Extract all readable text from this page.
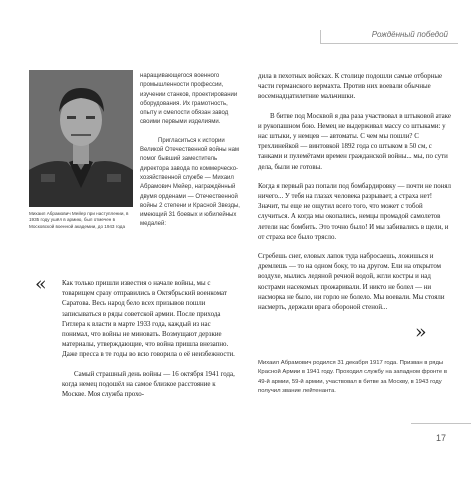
Рождённый победой

Михаил Абрамович Мейер при наступлении, в 1935 году ушёл в армию, был отмечен в Московской военной академии, до 1943 года

наращивающегося военного промышленности профессии, изучении станков, проектировании оборудования. Их грамотность, опыту и смелости обязан завод своими первыми изделиями.

Пригласиться к истории Великой Отечественной войны нам помог бывший заместитель директора завода по коммерческо-хозяйственной службе — Михаил Абрамович Мейер, награждённый двумя орденами — Отечественной войны 2 степени и Красной Звезды, имеющий 31 боевых и юбилейных медалей:

« Как только пришли известия о начале войны, мы с товарищем сразу отправились в Октябрьский военкомат Саратова. Весь народ бело всех призывов пошли записываться в ряды советской армии. После прихода Гитлера к власти в марте 1933 года, каждый из нас понимал, что войны не миновать. Возмущают дерзкие материалы, утверждающие, что война пришла внезапно. Даже пресса в те годы во всю говорила о её неизбежности.

Самый страшный день войны — 16 октября 1941 года, когда немец подошёл на самое близкое расстояние к Москве. Моя служба прохо-

дила в пехотных войсках. К столице подошли самые отборные части германского вермахта. Против них воевали обычные восемнадцатилетние мальчишки.

В битве под Москвой я два раза участвовал в штыковой атаке и рукопашном бою. Немец не выдерживал массу со штыками: у нас штыки, у немцев — автоматы. С чем мы пошли? С трехлинейкой — винтовкой 1892 года со штыком в 50 см, с танками и пулемётами времен гражданской войны... мы, по сути дела, были не готовы.

Когда я первый раз попали под бомбардировку — почти не понял ничего... У тебя на глазах человека разрывает, а страха нет! Значит, ты еще не ощутил всего того, что может с тобой случиться. А когда мы окопались, немцы промадой самолетов летели нас бомбить. Это точно было! И мы забивались в щели, и от страха все было трясло.

Сгребешь снег, еловых лапок туда набросаешь, ложишься и дремлешь — то на одном боку, то на другом. Ели на открытом воздухе, мылись ледяной речной водой, жгли костры и над кострами насекомых прожаривали. И никто не болел — ни насморка не было, ни горло не болело. Мы воевали. Мы стояли насмерть, держали врага обороной стеной...

»

Михаил Абрамович родился 31 декабря 1917 года. Призван в ряды Красной Армии в 1941 году. Проходил службу на западном фронте в 49-й армии, 59-й армии, участвовал в битве за Москву, в 1943 году получил звание лейтенанта.

17
